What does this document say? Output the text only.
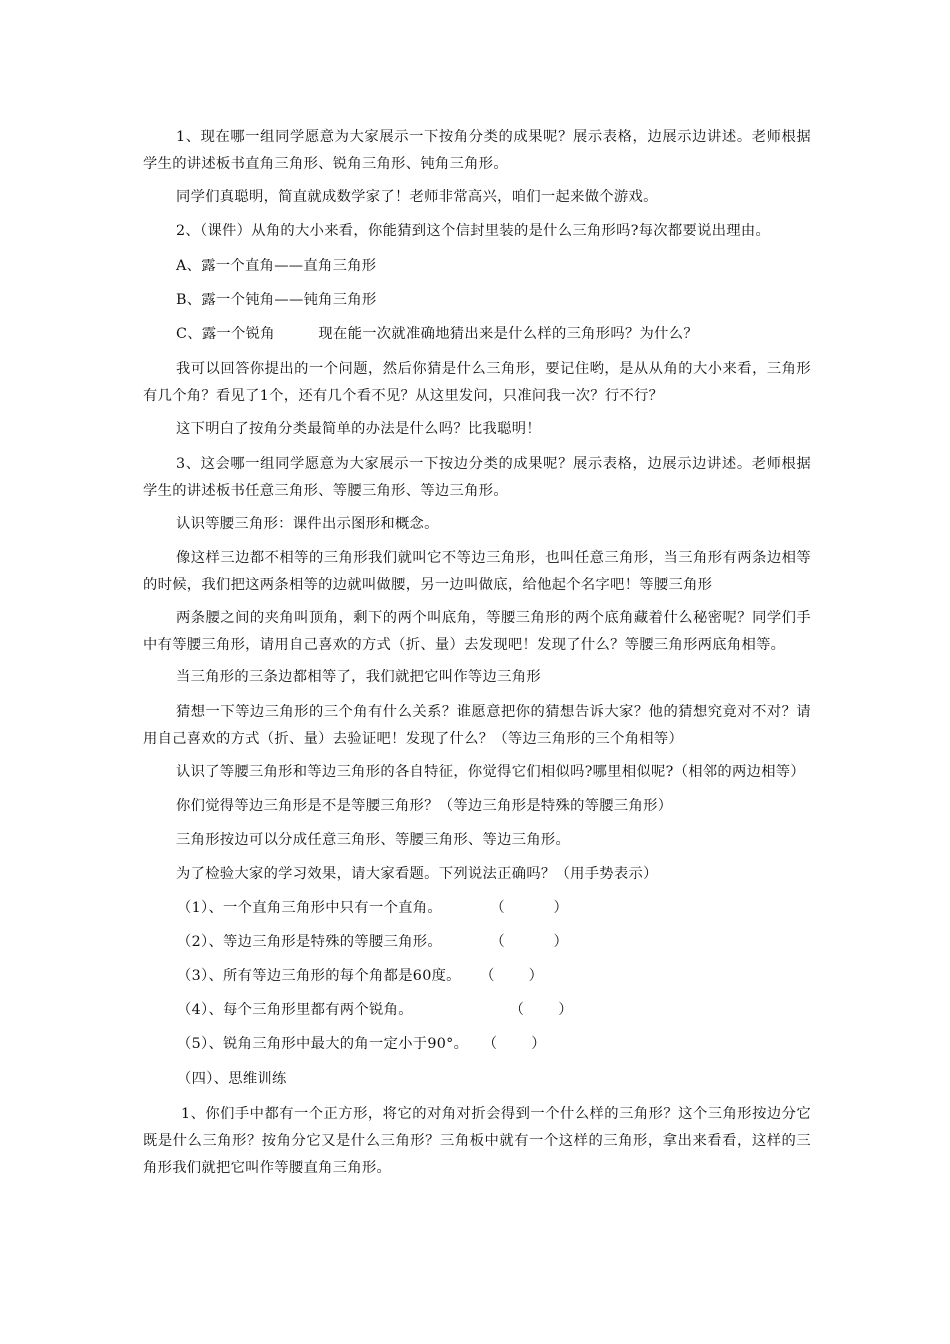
1、现在哪一组同学愿意为大家展示一下按角分类的成果呢？展示表格，边展示边讲述。老师根据学生的讲述板书直角三角形、锐角三角形、钝角三角形。

同学们真聪明，简直就成数学家了！老师非常高兴，咱们一起来做个游戏。

2、（课件）从角的大小来看，你能猜到这个信封里装的是什么三角形吗?每次都要说出理由。

A、露一个直角——直角三角形

B、露一个钝角——钝角三角形

C、露一个锐角         现在能一次就准确地猜出来是什么样的三角形吗？为什么？

我可以回答你提出的一个问题，然后你猜是什么三角形，要记住哟，是从从角的大小来看，三角形有几个角？看见了1个，还有几个看不见？从这里发问，只准问我一次？行不行？

这下明白了按角分类最简单的办法是什么吗？比我聪明！

3、这会哪一组同学愿意为大家展示一下按边分类的成果呢？展示表格，边展示边讲述。老师根据学生的讲述板书任意三角形、等腰三角形、等边三角形。

认识等腰三角形：课件出示图形和概念。

像这样三边都不相等的三角形我们就叫它不等边三角形，也叫任意三角形，当三角形有两条边相等的时候，我们把这两条相等的边就叫做腰，另一边叫做底，给他起个名字吧！等腰三角形

两条腰之间的夹角叫顶角，剩下的两个叫底角，等腰三角形的两个底角藏着什么秘密呢？同学们手中有等腰三角形，请用自己喜欢的方式（折、量）去发现吧！发现了什么？等腰三角形两底角相等。

当三角形的三条边都相等了，我们就把它叫作等边三角形

猜想一下等边三角形的三个角有什么关系？谁愿意把你的猜想告诉大家？他的猜想究竟对不对？请用自己喜欢的方式（折、量）去验证吧！发现了什么？（等边三角形的三个角相等）

认识了等腰三角形和等边三角形的各自特征，你觉得它们相似吗?哪里相似呢?（相邻的两边相等）

你们觉得等边三角形是不是等腰三角形？（等边三角形是特殊的等腰三角形）

三角形按边可以分成任意三角形、等腰三角形、等边三角形。

为了检验大家的学习效果，请大家看题。下列说法正确吗？（用手势表示）

（1）、一个直角三角形中只有一个直角。          （          ）

（2）、等边三角形是特殊的等腰三角形。          （          ）

（3）、所有等边三角形的每个角都是60度。    （       ）

（4）、每个三角形里都有两个锐角。                    （       ）

（5）、锐角三角形中最大的角一定小于90°。   （       ）

（四）、思维训练

1、你们手中都有一个正方形，将它的对角对折会得到一个什么样的三角形？这个三角形按边分它既是什么三角形？按角分它又是什么三角形？三角板中就有一个这样的三角形，拿出来看看，这样的三角形我们就把它叫作等腰直角三角形。
